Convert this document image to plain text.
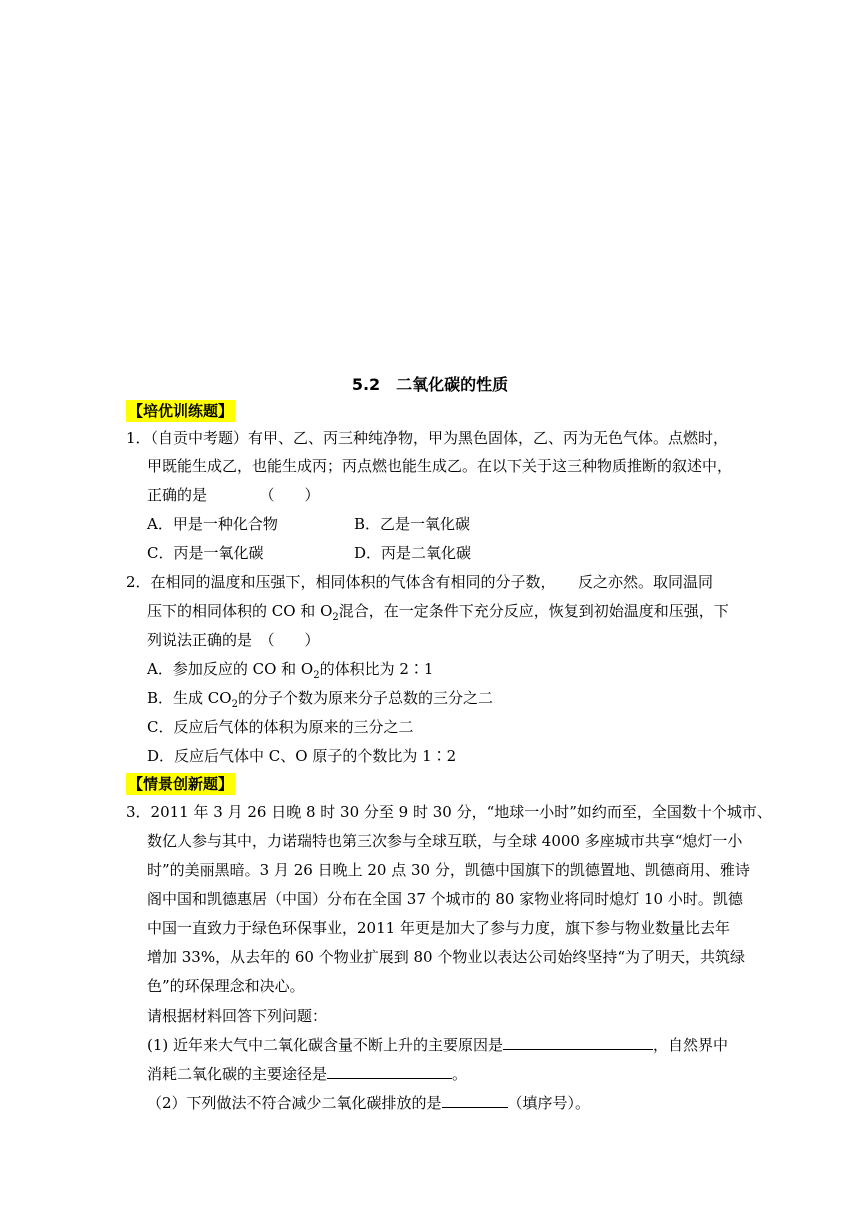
5.2　二氧化碳的性质
【培优训练题】
1．（自贡中考题）有甲、乙、丙三种纯净物，甲为黑色固体，乙、丙为无色气体。点燃时，
甲既能生成乙，也能生成丙；丙点燃也能生成乙。在以下关于这三种物质推断的叙述中，
正确的是　　　　（　　）
A．甲是一种化合物	B．乙是一氧化碳
C．丙是一氧化碳	D．丙是二氧化碳
2．在相同的温度和压强下，相同体积的气体含有相同的分子数，　　反之亦然。取同温同
压下的相同体积的 CO 和 $O_2$混合，在一定条件下充分反应，恢复到初始温度和压强，下
列说法正确的是　（　　）
A．参加反应的 CO 和 $O_2$的体积比为 2∶1
B．生成 $CO_2$的分子个数为原来分子总数的三分之二
C．反应后气体的体积为原来的三分之二
D．反应后气体中 C、O 原子的个数比为 1∶2
【情景创新题】
3．2011 年 3 月 26 日晚 8 时 30 分至 9 时 30 分，“地球一小时”如约而至，全国数十个城市、
数亿人参与其中，力诺瑞特也第三次参与全球互联，与全球 4000 多座城市共享“熄灯一小
时”的美丽黑暗。3 月 26 日晚上 20 点 30 分，凯德中国旗下的凯德置地、凯德商用、雅诗
阁中国和凯德惠居（中国）分布在全国 37 个城市的 80 家物业将同时熄灯 10 小时。凯德
中国一直致力于绿色环保事业，2011 年更是加大了参与力度，旗下参与物业数量比去年
增加 33%，从去年的 60 个物业扩展到 80 个物业以表达公司始终坚持“为了明天，共筑绿
色”的环保理念和决心。
请根据材料回答下列问题：
(1) 近年来大气中二氧化碳含量不断上升的主要原因是	，自然界中
消耗二氧化碳的主要途径是	。
（2）下列做法不符合减少二氧化碳排放的是	（填序号）。
